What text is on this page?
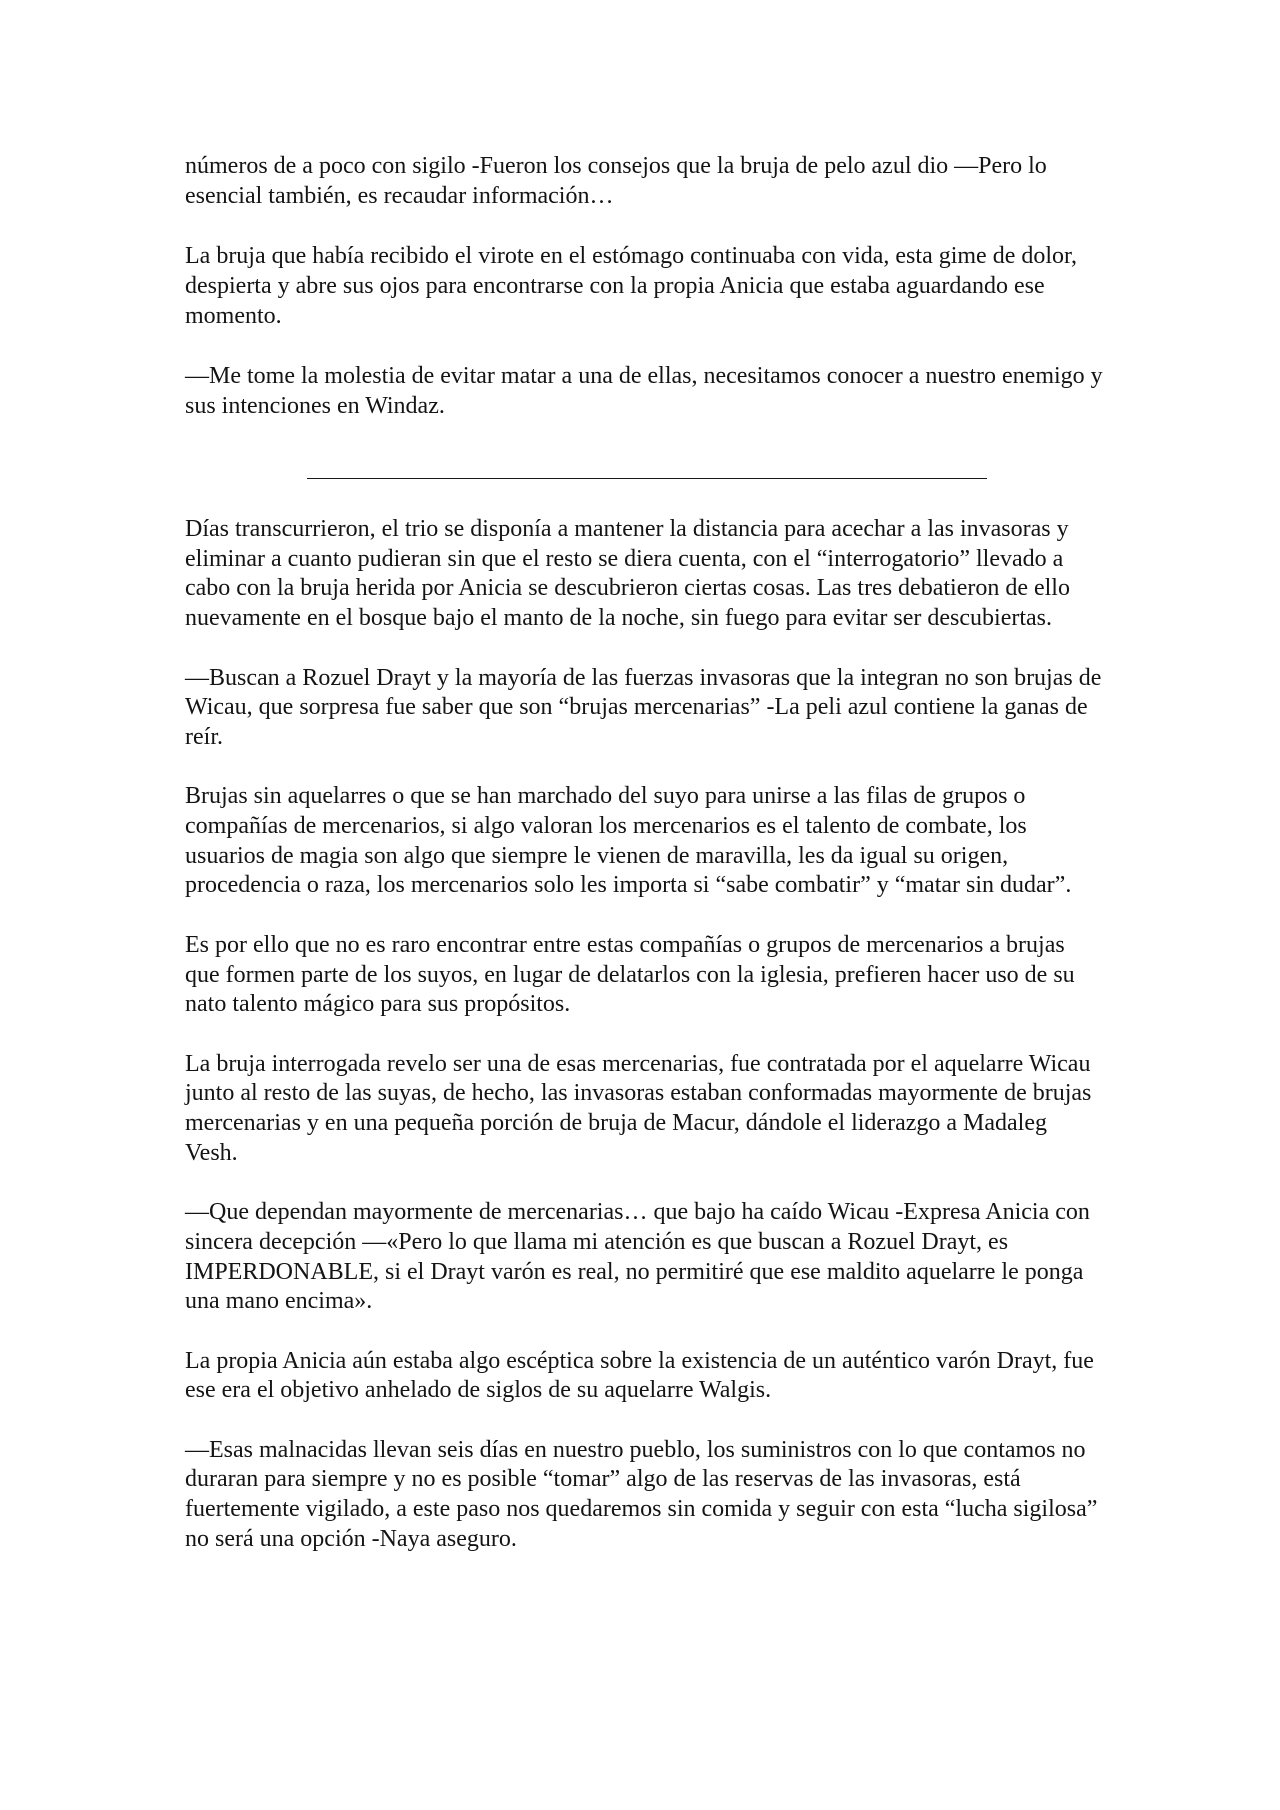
números de a poco con sigilo -Fueron los consejos que la bruja de pelo azul dio —Pero lo esencial también, es recaudar información…

La bruja que había recibido el virote en el estómago continuaba con vida, esta gime de dolor, despierta y abre sus ojos para encontrarse con la propia Anicia que estaba aguardando ese momento.

—Me tome la molestia de evitar matar a una de ellas, necesitamos conocer a nuestro enemigo y sus intenciones en Windaz.

Días transcurrieron, el trio se disponía a mantener la distancia para acechar a las invasoras y eliminar a cuanto pudieran sin que el resto se diera cuenta, con el “interrogatorio” llevado a cabo con la bruja herida por Anicia se descubrieron ciertas cosas. Las tres debatieron de ello nuevamente en el bosque bajo el manto de la noche, sin fuego para evitar ser descubiertas.

—Buscan a Rozuel Drayt y la mayoría de las fuerzas invasoras que la integran no son brujas de Wicau, que sorpresa fue saber que son “brujas mercenarias” -La peli azul contiene la ganas de reír.

Brujas sin aquelarres o que se han marchado del suyo para unirse a las filas de grupos o compañías de mercenarios, si algo valoran los mercenarios es el talento de combate, los usuarios de magia son algo que siempre le vienen de maravilla, les da igual su origen, procedencia o raza, los mercenarios solo les importa si “sabe combatir” y “matar sin dudar”.

Es por ello que no es raro encontrar entre estas compañías o grupos de mercenarios a brujas que formen parte de los suyos, en lugar de delatarlos con la iglesia, prefieren hacer uso de su nato talento mágico para sus propósitos.

La bruja interrogada revelo ser una de esas mercenarias, fue contratada por el aquelarre Wicau junto al resto de las suyas, de hecho, las invasoras estaban conformadas mayormente de brujas mercenarias y en una pequeña porción de bruja de Macur, dándole el liderazgo a Madaleg Vesh.

—Que dependan mayormente de mercenarias… que bajo ha caído Wicau -Expresa Anicia con sincera decepción —«Pero lo que llama mi atención es que buscan a Rozuel Drayt, es IMPERDONABLE, si el Drayt varón es real, no permitiré que ese maldito aquelarre le ponga una mano encima».

La propia Anicia aún estaba algo escéptica sobre la existencia de un auténtico varón Drayt, fue ese era el objetivo anhelado de siglos de su aquelarre Walgis.

—Esas malnacidas llevan seis días en nuestro pueblo, los suministros con lo que contamos no duraran para siempre y no es posible “tomar” algo de las reservas de las invasoras, está fuertemente vigilado, a este paso nos quedaremos sin comida y seguir con esta “lucha sigilosa” no será una opción -Naya aseguro.
